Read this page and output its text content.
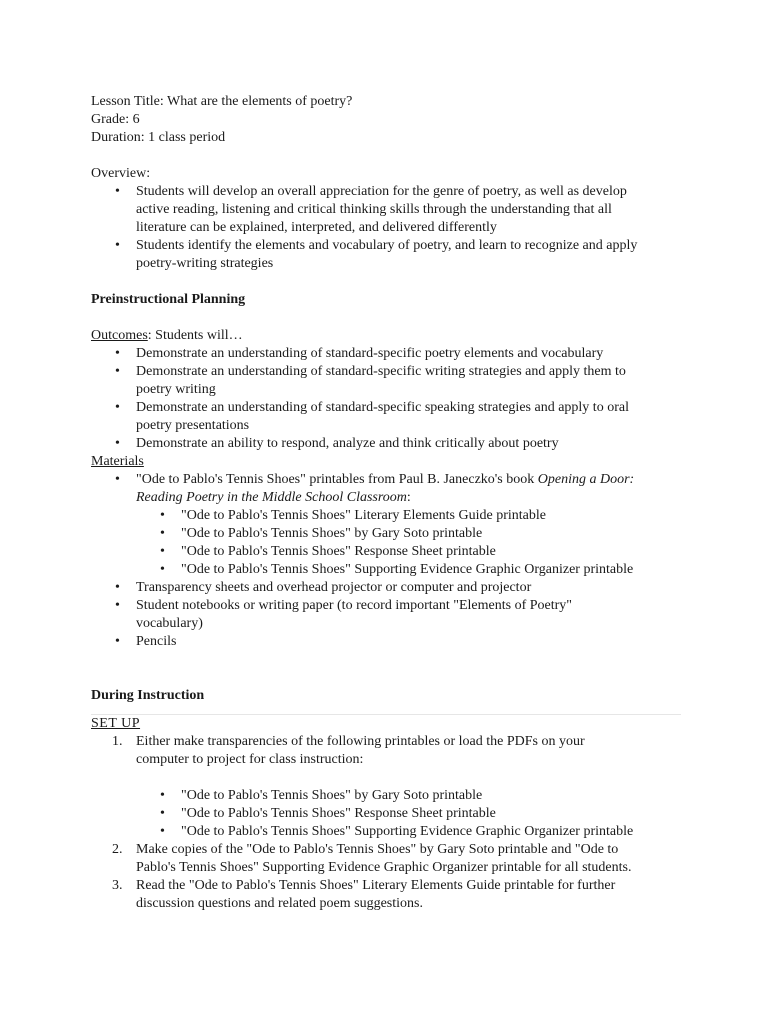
Lesson Title: What are the elements of poetry?
Grade: 6
Duration: 1 class period
Overview:
• Students will develop an overall appreciation for the genre of poetry, as well as develop
active reading, listening and critical thinking skills through the understanding that all
literature can be explained, interpreted, and delivered differently
• Students identify the elements and vocabulary of poetry, and learn to recognize and apply
poetry-writing strategies
Preinstructional Planning
Outcomes: Students will…
• Demonstrate an understanding of standard-specific poetry elements and vocabulary
• Demonstrate an understanding of standard-specific writing strategies and apply them to
poetry writing
• Demonstrate an understanding of standard-specific speaking strategies and apply to oral
poetry presentations
• Demonstrate an ability to respond, analyze and think critically about poetry
Materials
• "Ode to Pablo's Tennis Shoes" printables from Paul B. Janeczko's book Opening a Door:
Reading Poetry in the Middle School Classroom:
• "Ode to Pablo's Tennis Shoes" Literary Elements Guide printable
• "Ode to Pablo's Tennis Shoes" by Gary Soto printable
• "Ode to Pablo's Tennis Shoes" Response Sheet printable
• "Ode to Pablo's Tennis Shoes" Supporting Evidence Graphic Organizer printable
• Transparency sheets and overhead projector or computer and projector
• Student notebooks or writing paper (to record important "Elements of Poetry"
vocabulary)
• Pencils
During Instruction
SET UP
1. Either make transparencies of the following printables or load the PDFs on your
computer to project for class instruction:
• "Ode to Pablo's Tennis Shoes" by Gary Soto printable
• "Ode to Pablo's Tennis Shoes" Response Sheet printable
• "Ode to Pablo's Tennis Shoes" Supporting Evidence Graphic Organizer printable
2. Make copies of the "Ode to Pablo's Tennis Shoes" by Gary Soto printable and "Ode to
Pablo's Tennis Shoes" Supporting Evidence Graphic Organizer printable for all students.
3. Read the "Ode to Pablo's Tennis Shoes" Literary Elements Guide printable for further
discussion questions and related poem suggestions.
